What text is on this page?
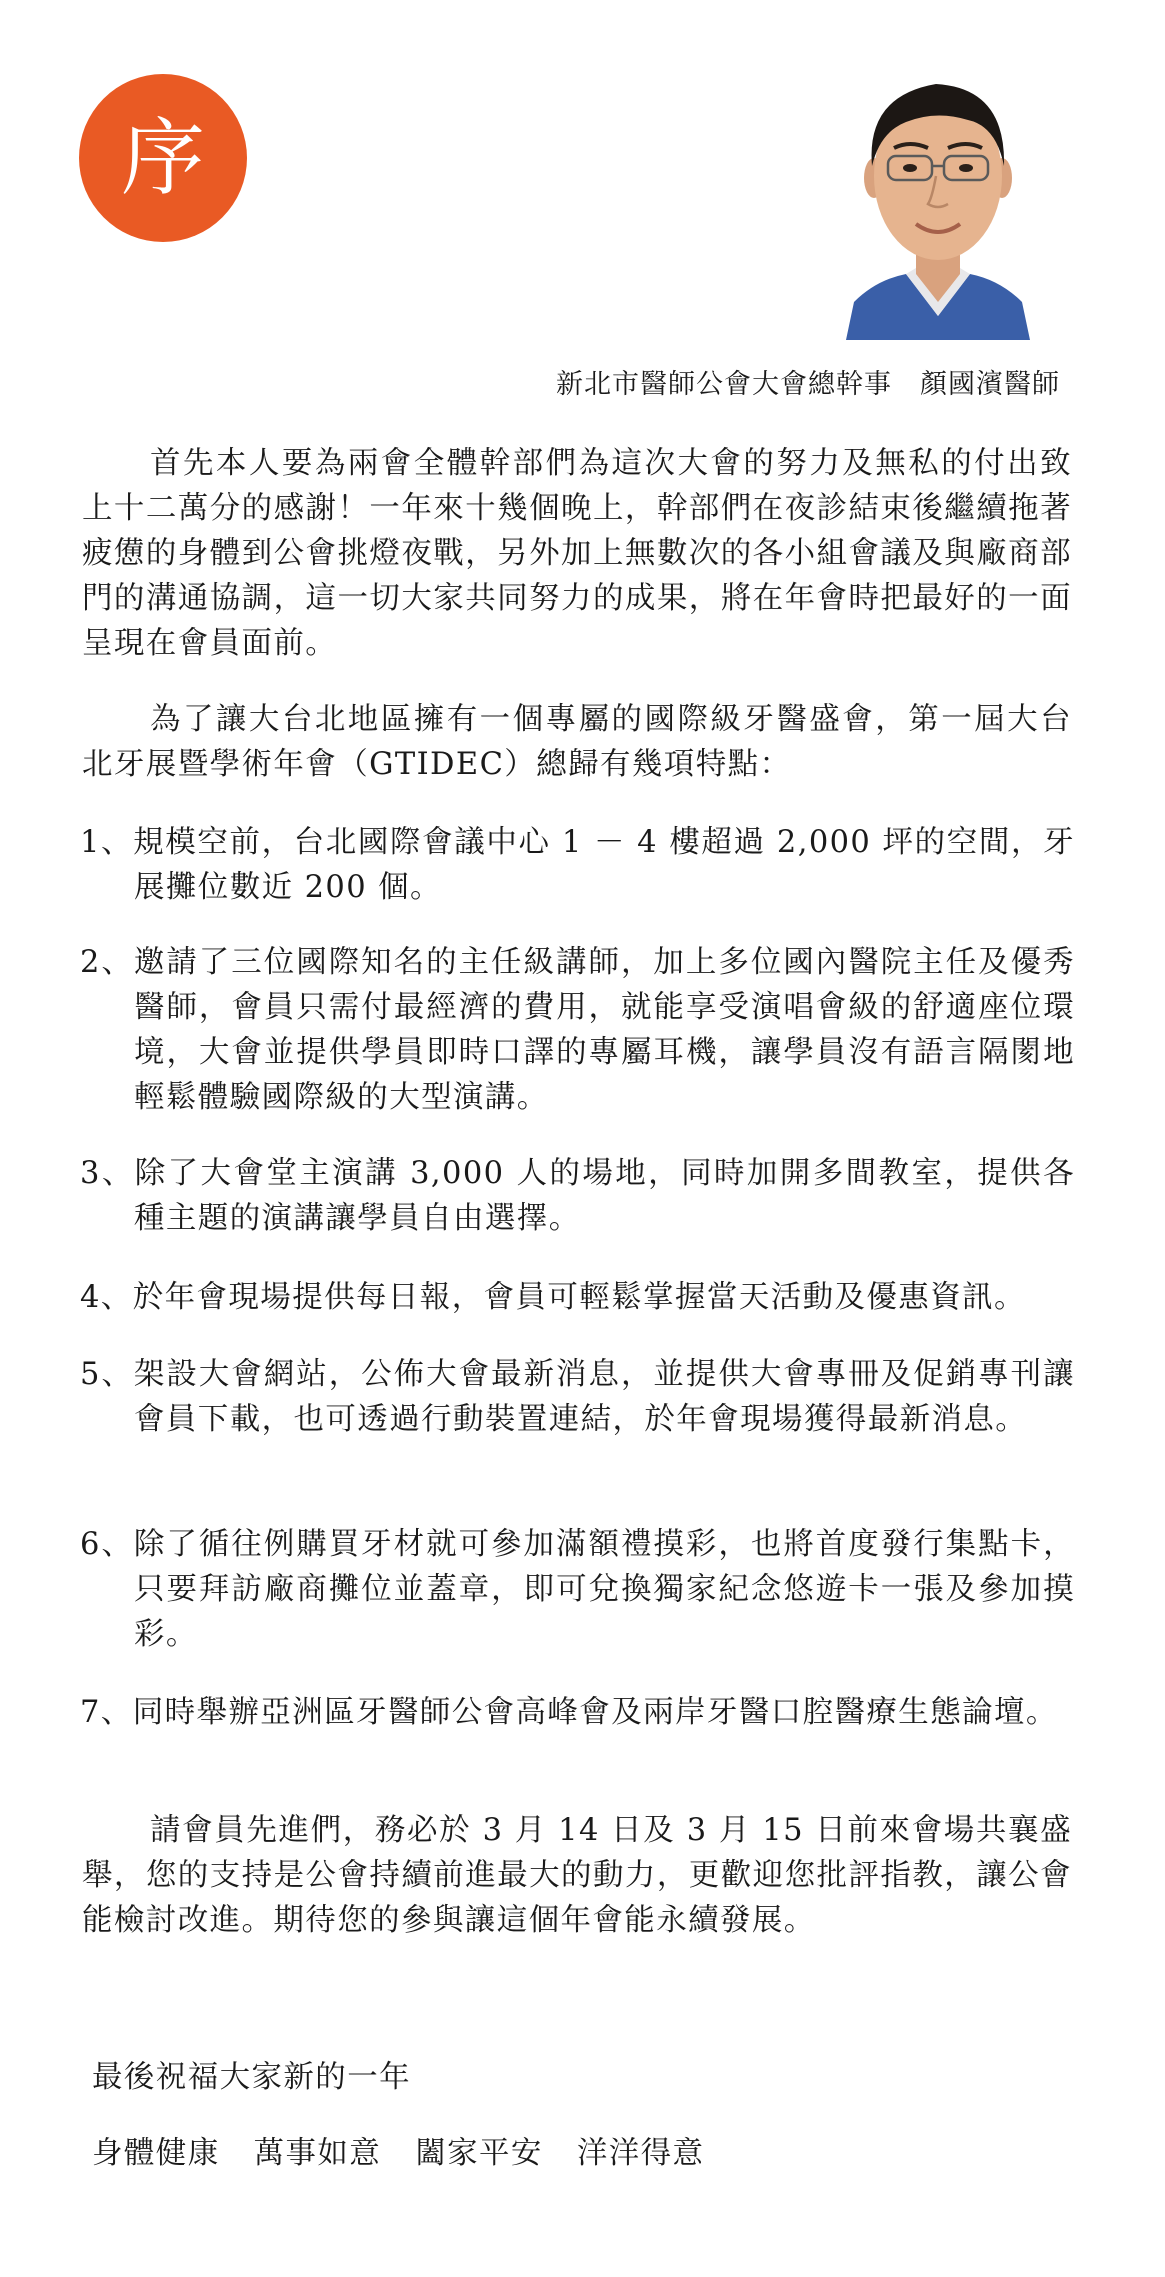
序
新北市醫師公會大會總幹事 顏國濱醫師

首先本人要為兩會全體幹部們為這次大會的努力及無私的付出致上十二萬分的感謝！一年來十幾個晚上，幹部們在夜診結束後繼續拖著疲憊的身體到公會挑燈夜戰，另外加上無數次的各小組會議及與廠商部門的溝通協調，這一切大家共同努力的成果，將在年會時把最好的一面呈現在會員面前。

為了讓大台北地區擁有一個專屬的國際級牙醫盛會，第一屆大台北牙展暨學術年會（GTIDEC）總歸有幾項特點：

1、規模空前，台北國際會議中心 1 － 4 樓超過 2,000 坪的空間，牙展攤位數近 200 個。

2、邀請了三位國際知名的主任級講師，加上多位國內醫院主任及優秀醫師，會員只需付最經濟的費用，就能享受演唱會級的舒適座位環境，大會並提供學員即時口譯的專屬耳機，讓學員沒有語言隔閡地輕鬆體驗國際級的大型演講。

3、除了大會堂主演講 3,000 人的場地，同時加開多間教室，提供各種主題的演講讓學員自由選擇。

4、於年會現場提供每日報，會員可輕鬆掌握當天活動及優惠資訊。

5、架設大會網站，公佈大會最新消息，並提供大會專冊及促銷專刊讓會員下載，也可透過行動裝置連結，於年會現場獲得最新消息。

6、除了循往例購買牙材就可參加滿額禮摸彩，也將首度發行集點卡，只要拜訪廠商攤位並蓋章，即可兌換獨家紀念悠遊卡一張及參加摸彩。

7、同時舉辦亞洲區牙醫師公會高峰會及兩岸牙醫口腔醫療生態論壇。

請會員先進們，務必於 3 月 14 日及 3 月 15 日前來會場共襄盛舉，您的支持是公會持續前進最大的動力，更歡迎您批評指教，讓公會能檢討改進。期待您的參與讓這個年會能永續發展。

最後祝福大家新的一年
身體健康 萬事如意 闔家平安 洋洋得意
